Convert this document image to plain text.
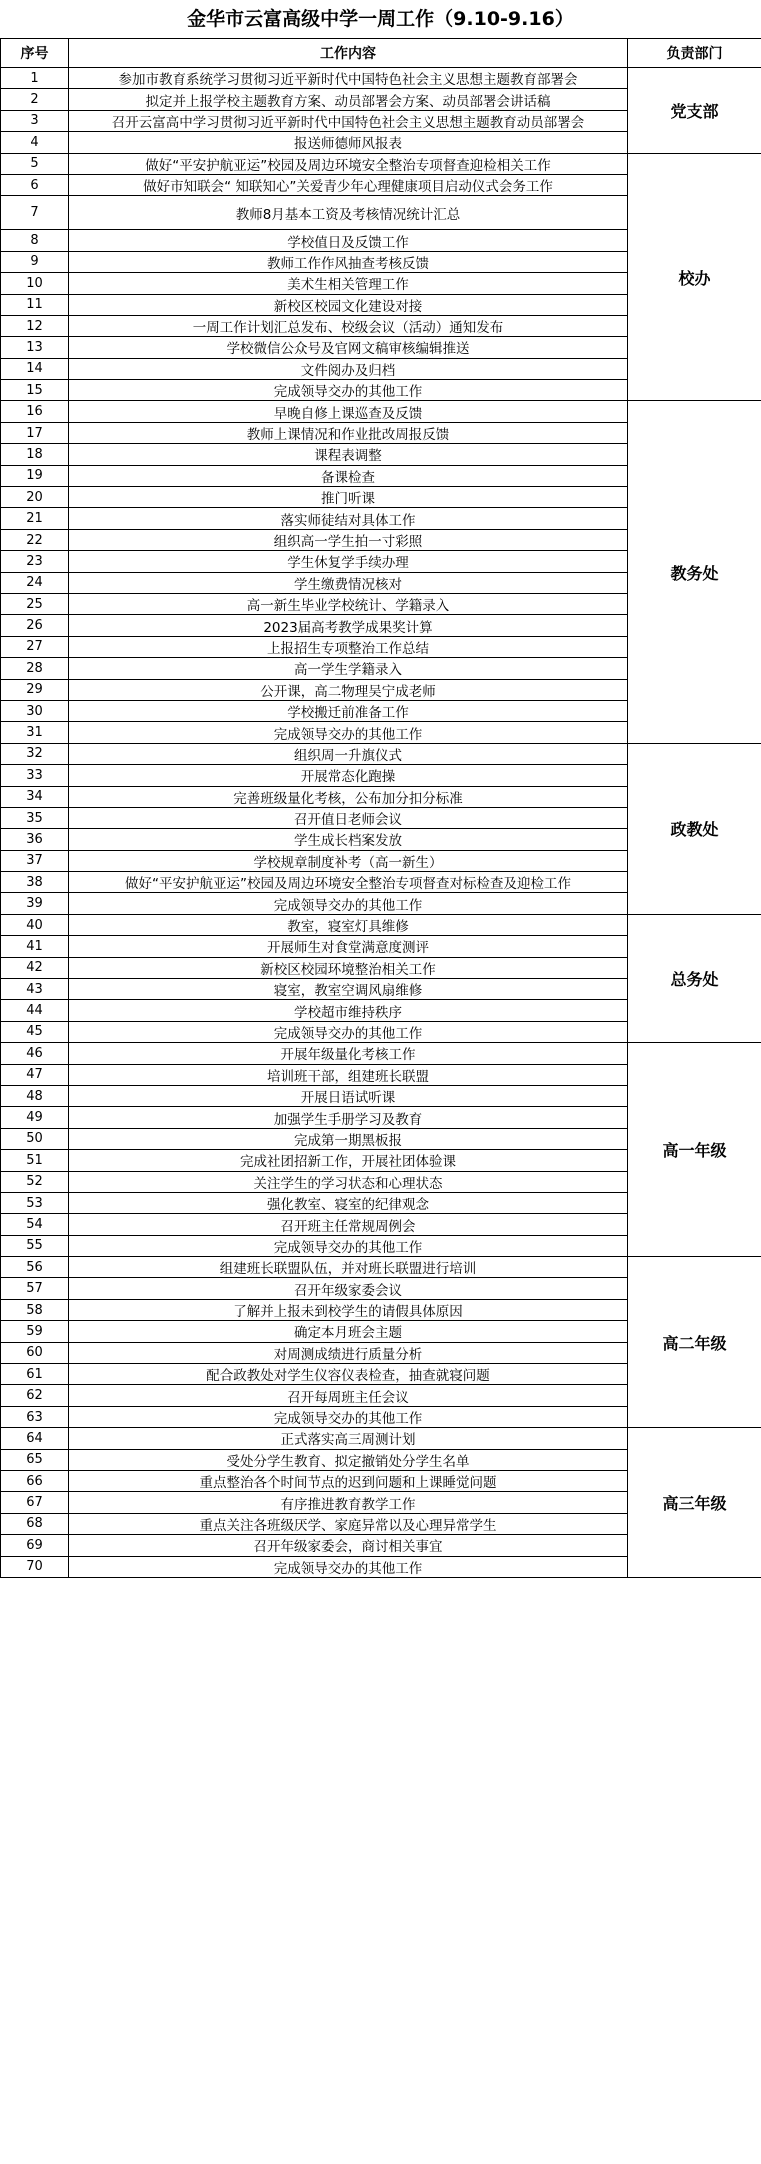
金华市云富高级中学一周工作（9.10-9.16）
序号	工作内容	负责部门
1	参加市教育系统学习贯彻习近平新时代中国特色社会主义思想主题教育部署会	党支部
2	拟定并上报学校主题教育方案、动员部署会方案、动员部署会讲话稿	
3	召开云富高中学习贯彻习近平新时代中国特色社会主义思想主题教育动员部署会	
4	报送师德师风报表	
5	做好“平安护航亚运”校园及周边环境安全整治专项督查迎检相关工作	校办
6	做好市知联会“ 知联知心”关爱青少年心理健康项目启动仪式会务工作	
7	教师8月基本工资及考核情况统计汇总	
8	学校值日及反馈工作	
9	教师工作作风抽查考核反馈	
10	美术生相关管理工作	
11	新校区校园文化建设对接	
12	一周工作计划汇总发布、校级会议（活动）通知发布	
13	学校微信公众号及官网文稿审核编辑推送	
14	文件阅办及归档	
15	完成领导交办的其他工作	
16	早晚自修上课巡查及反馈	教务处
17	教师上课情况和作业批改周报反馈	
18	课程表调整	
19	备课检查	
20	推门听课	
21	落实师徒结对具体工作	
22	组织高一学生拍一寸彩照	
23	学生休复学手续办理	
24	学生缴费情况核对	
25	高一新生毕业学校统计、学籍录入	
26	2023届高考教学成果奖计算	
27	上报招生专项整治工作总结	
28	高一学生学籍录入	
29	公开课，高二物理吴宁成老师	
30	学校搬迁前准备工作	
31	完成领导交办的其他工作	
32	组织周一升旗仪式	政教处
33	开展常态化跑操	
34	完善班级量化考核，公布加分扣分标准	
35	召开值日老师会议	
36	学生成长档案发放	
37	学校规章制度补考（高一新生）	
38	做好“平安护航亚运”校园及周边环境安全整治专项督查对标检查及迎检工作	
39	完成领导交办的其他工作	
40	教室，寝室灯具维修	总务处
41	开展师生对食堂满意度测评	
42	新校区校园环境整治相关工作	
43	寝室，教室空调风扇维修	
44	学校超市维持秩序	
45	完成领导交办的其他工作	
46	开展年级量化考核工作	高一年级
47	培训班干部，组建班长联盟	
48	开展日语试听课	
49	加强学生手册学习及教育	
50	完成第一期黑板报	
51	完成社团招新工作，开展社团体验课	
52	关注学生的学习状态和心理状态	
53	强化教室、寝室的纪律观念	
54	召开班主任常规周例会	
55	完成领导交办的其他工作	
56	组建班长联盟队伍，并对班长联盟进行培训	高二年级
57	召开年级家委会议	
58	了解并上报未到校学生的请假具体原因	
59	确定本月班会主题	
60	对周测成绩进行质量分析	
61	配合政教处对学生仪容仪表检查，抽查就寝问题	
62	召开每周班主任会议	
63	完成领导交办的其他工作	
64	正式落实高三周测计划	高三年级
65	受处分学生教育、拟定撤销处分学生名单	
66	重点整治各个时间节点的迟到问题和上课睡觉问题	
67	有序推进教育教学工作	
68	重点关注各班级厌学、家庭异常以及心理异常学生	
69	召开年级家委会，商讨相关事宜	
70	完成领导交办的其他工作	
